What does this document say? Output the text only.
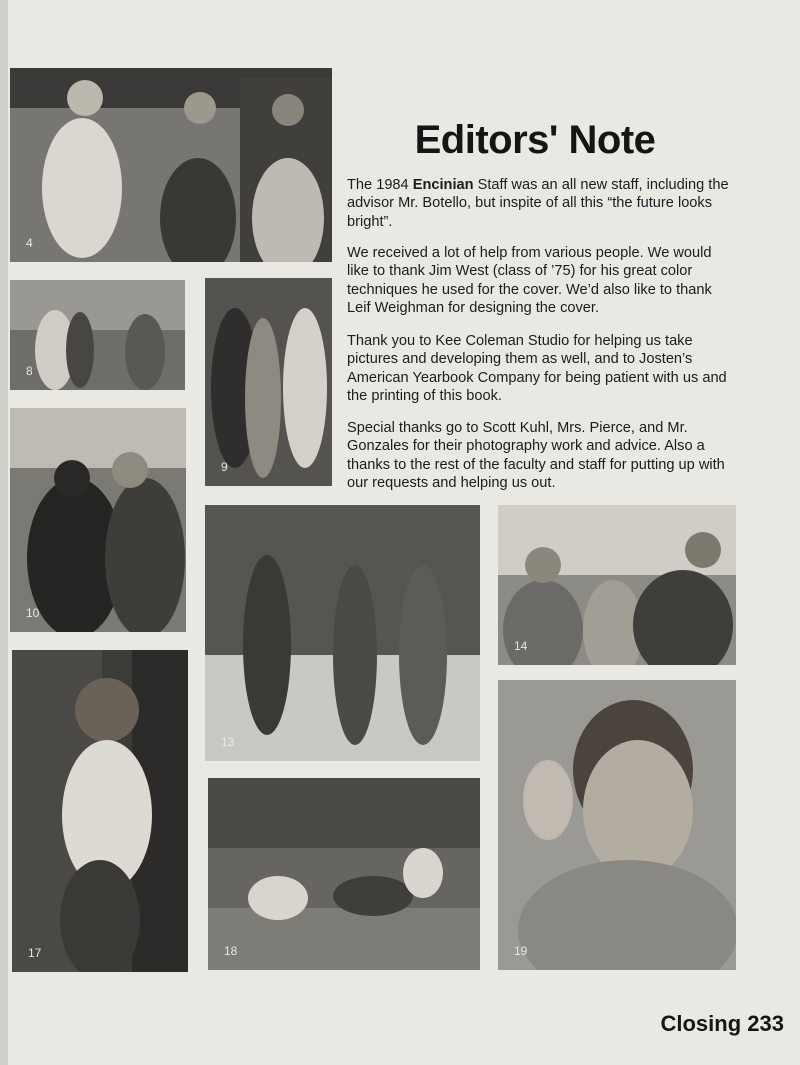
4
8
9
10
13
14
17	18	19
Editors' Note

The 1984 Encinian Staff was an all new staff, including the advisor Mr. Botello, but inspite of all this “the future looks bright”.

We received a lot of help from various people. We would like to thank Jim West (class of ’75) for his great color techniques he used for the cover. We’d also like to thank Leif Weighman for designing the cover.

Thank you to Kee Coleman Studio for helping us take pictures and developing them as well, and to Josten’s American Yearbook Company for being patient with us and the printing of this book.

Special thanks go to Scott Kuhl, Mrs. Pierce, and Mr. Gonzales for their photography work and advice. Also a thanks to the rest of the faculty and staff for putting up with our requests and helping us out.

Closing 233
